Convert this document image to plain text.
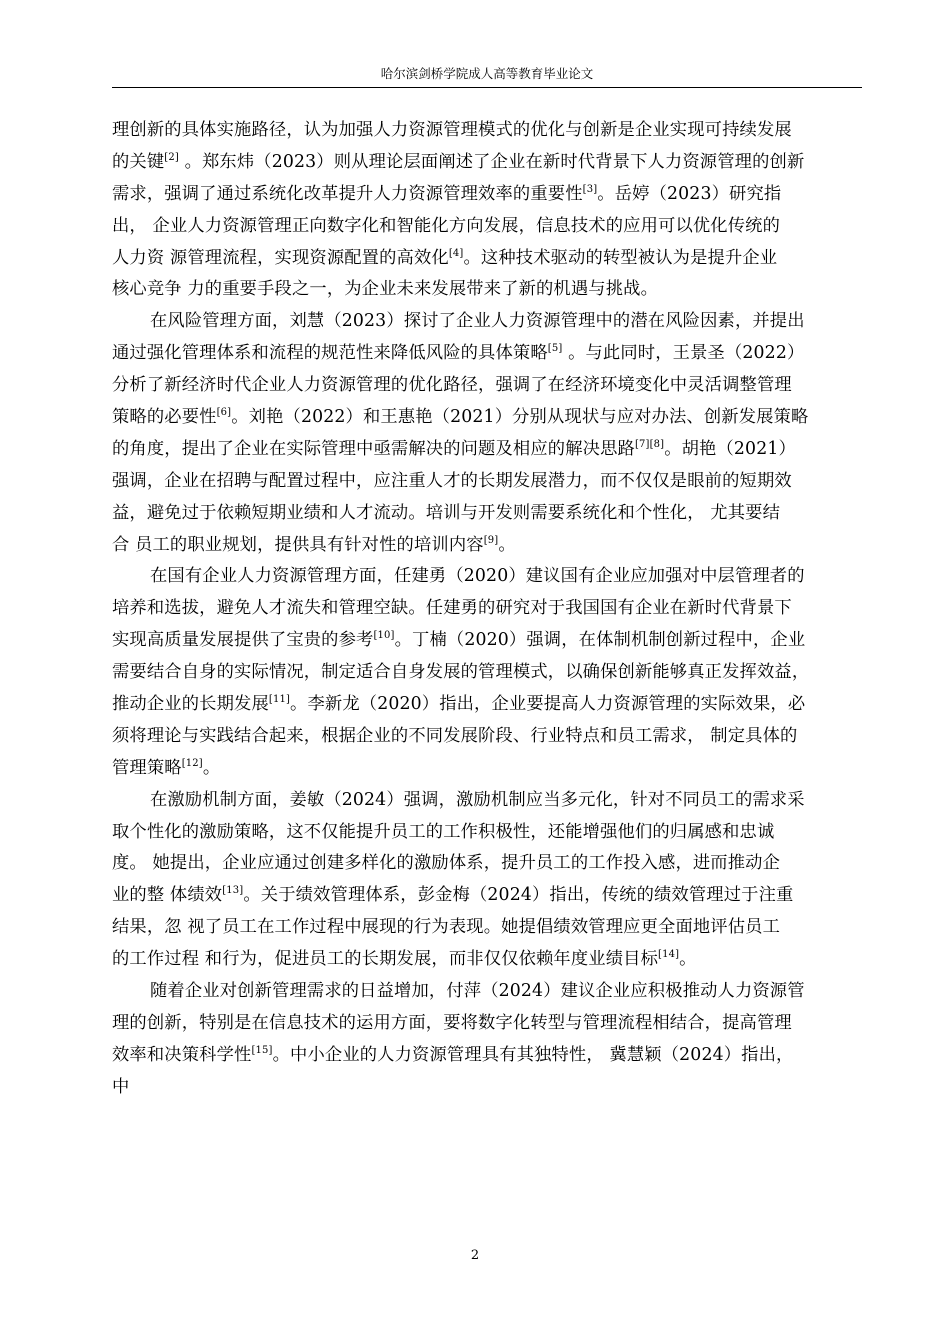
哈尔滨剑桥学院成人高等教育毕业论文
理创新的具体实施路径，认为加强人力资源管理模式的优化与创新是企业实现可持续发展
的关键[2] 。郑东炜（2023）则从理论层面阐述了企业在新时代背景下人力资源管理的创新
需求，强调了通过系统化改革提升人力资源管理效率的重要性[3]。岳婷（2023）研究指
出， 企业人力资源管理正向数字化和智能化方向发展，信息技术的应用可以优化传统的
人力资 源管理流程，实现资源配置的高效化[4]。这种技术驱动的转型被认为是提升企业
核心竞争 力的重要手段之一，为企业未来发展带来了新的机遇与挑战。
在风险管理方面，刘慧（2023）探讨了企业人力资源管理中的潜在风险因素，并提出
通过强化管理体系和流程的规范性来降低风险的具体策略[5] 。与此同时，王景圣（2022）
分析了新经济时代企业人力资源管理的优化路径，强调了在经济环境变化中灵活调整管理
策略的必要性[6]。刘艳（2022）和王惠艳（2021）分别从现状与应对办法、创新发展策略
的角度，提出了企业在实际管理中亟需解决的问题及相应的解决思路[7][8]。胡艳（2021）
强调，企业在招聘与配置过程中，应注重人才的长期发展潜力，而不仅仅是眼前的短期效
益，避免过于依赖短期业绩和人才流动。培训与开发则需要系统化和个性化， 尤其要结
合 员工的职业规划，提供具有针对性的培训内容[9]。
在国有企业人力资源管理方面，任建勇（2020）建议国有企业应加强对中层管理者的
培养和选拔，避免人才流失和管理空缺。任建勇的研究对于我国国有企业在新时代背景下
实现高质量发展提供了宝贵的参考[10]。丁楠（2020）强调，在体制机制创新过程中，企业
需要结合自身的实际情况，制定适合自身发展的管理模式，以确保创新能够真正发挥效益，
推动企业的长期发展[11]。李新龙（2020）指出，企业要提高人力资源管理的实际效果，必
须将理论与实践结合起来，根据企业的不同发展阶段、行业特点和员工需求， 制定具体的
管理策略[12]。
在激励机制方面，姜敏（2024）强调，激励机制应当多元化，针对不同员工的需求采
取个性化的激励策略，这不仅能提升员工的工作积极性，还能增强他们的归属感和忠诚
度。 她提出，企业应通过创建多样化的激励体系，提升员工的工作投入感，进而推动企
业的整 体绩效[13]。关于绩效管理体系，彭金梅（2024）指出，传统的绩效管理过于注重
结果，忽 视了员工在工作过程中展现的行为表现。她提倡绩效管理应更全面地评估员工
的工作过程 和行为，促进员工的长期发展，而非仅仅依赖年度业绩目标[14]。
随着企业对创新管理需求的日益增加，付萍（2024）建议企业应积极推动人力资源管
理的创新，特别是在信息技术的运用方面，要将数字化转型与管理流程相结合，提高管理
效率和决策科学性[15]。中小企业的人力资源管理具有其独特性， 冀慧颖（2024）指出，
中
2
